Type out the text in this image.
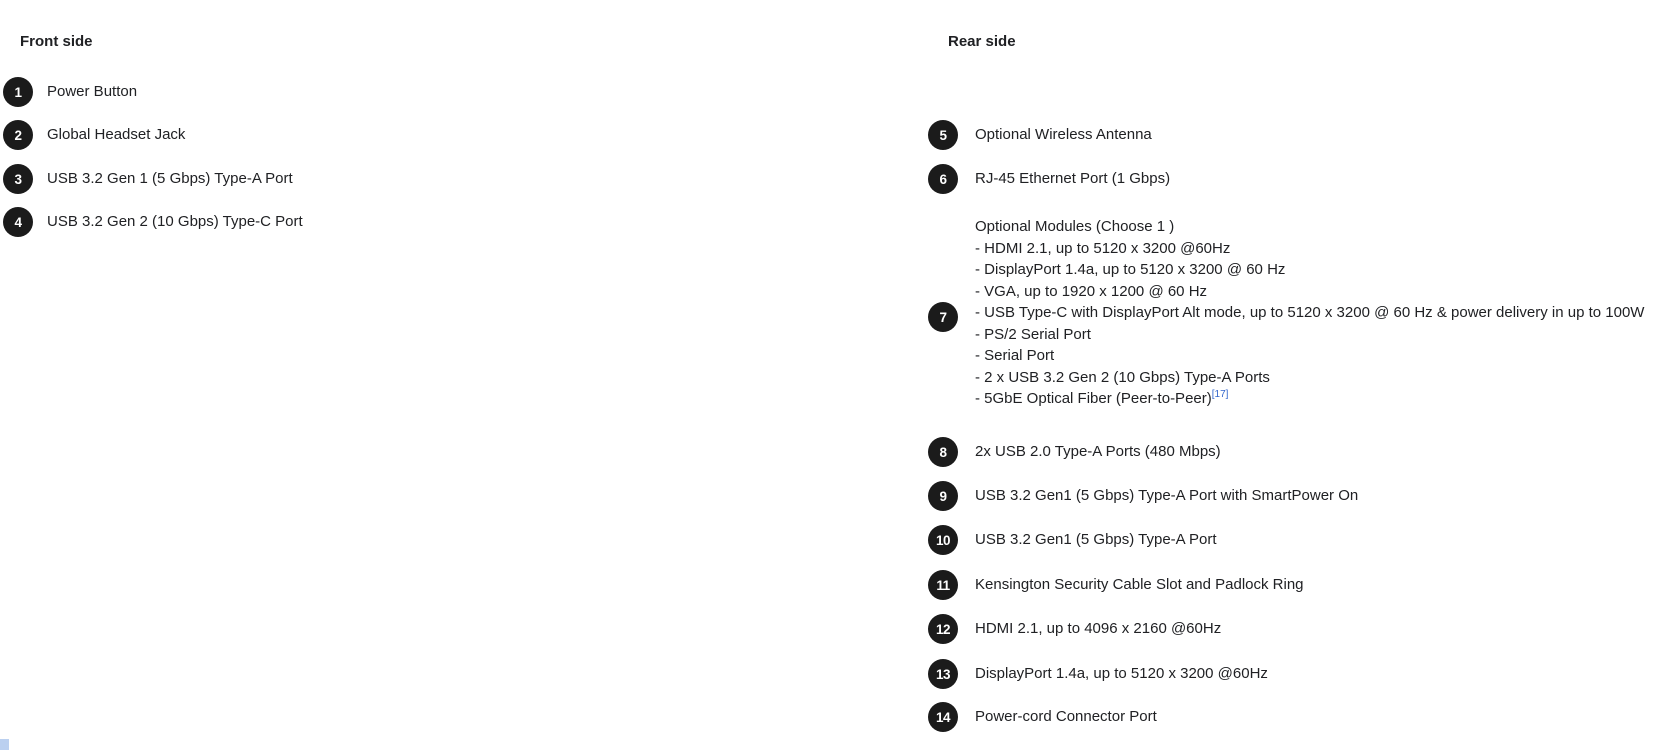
Front side
1	Power Button
2	Global Headset Jack
3	USB 3.2 Gen 1 (5 Gbps) Type-A Port
4	USB 3.2 Gen 2 (10 Gbps) Type-C Port
Rear side
5	Optional Wireless Antenna
6	RJ-45 Ethernet Port (1 Gbps)
7
Optional Modules (Choose 1 )
- HDMI 2.1, up to 5120 x 3200 @60Hz
- DisplayPort 1.4a, up to 5120 x 3200 @ 60 Hz
- VGA, up to 1920 x 1200 @ 60 Hz
- USB Type-C with DisplayPort Alt mode, up to 5120 x 3200 @ 60 Hz & power delivery in up to 100W
- PS/2 Serial Port
- Serial Port
- 2 x USB 3.2 Gen 2 (10 Gbps) Type-A Ports
- 5GbE Optical Fiber (Peer-to-Peer)[17]
8	2x USB 2.0 Type-A Ports (480 Mbps)
9	USB 3.2 Gen1 (5 Gbps) Type-A Port with SmartPower On
10	USB 3.2 Gen1 (5 Gbps) Type-A Port
11	Kensington Security Cable Slot and Padlock Ring
12	HDMI 2.1, up to 4096 x 2160 @60Hz
13	DisplayPort 1.4a, up to 5120 x 3200 @60Hz
14	Power-cord Connector Port
